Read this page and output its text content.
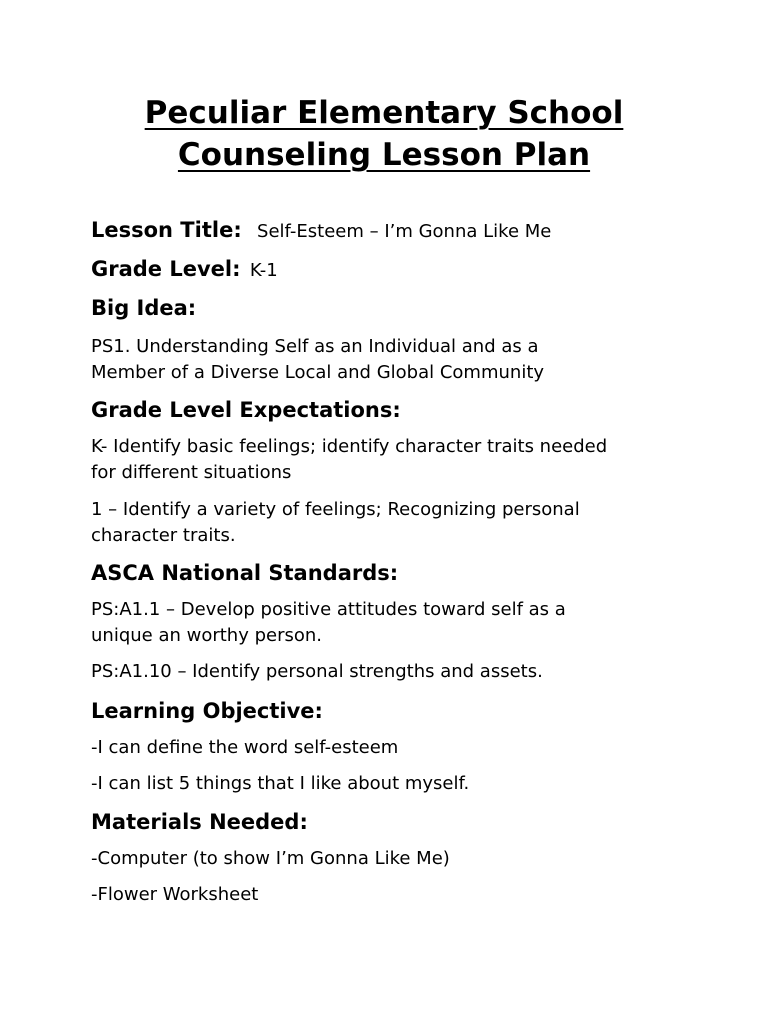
Peculiar Elementary School
Counseling Lesson Plan
Lesson Title: Self-Esteem – I’m Gonna Like Me
Grade Level: K-1
Big Idea:
PS1. Understanding Self as an Individual and as a
Member of a Diverse Local and Global Community
Grade Level Expectations:
K- Identify basic feelings; identify character traits needed
for different situations
1 – Identify a variety of feelings; Recognizing personal
character traits.
ASCA National Standards:
PS:A1.1 – Develop positive attitudes toward self as a
unique an worthy person.
PS:A1.10 – Identify personal strengths and assets.
Learning Objective:
-I can define the word self-esteem
-I can list 5 things that I like about myself.
Materials Needed:
-Computer (to show I’m Gonna Like Me)
-Flower Worksheet
